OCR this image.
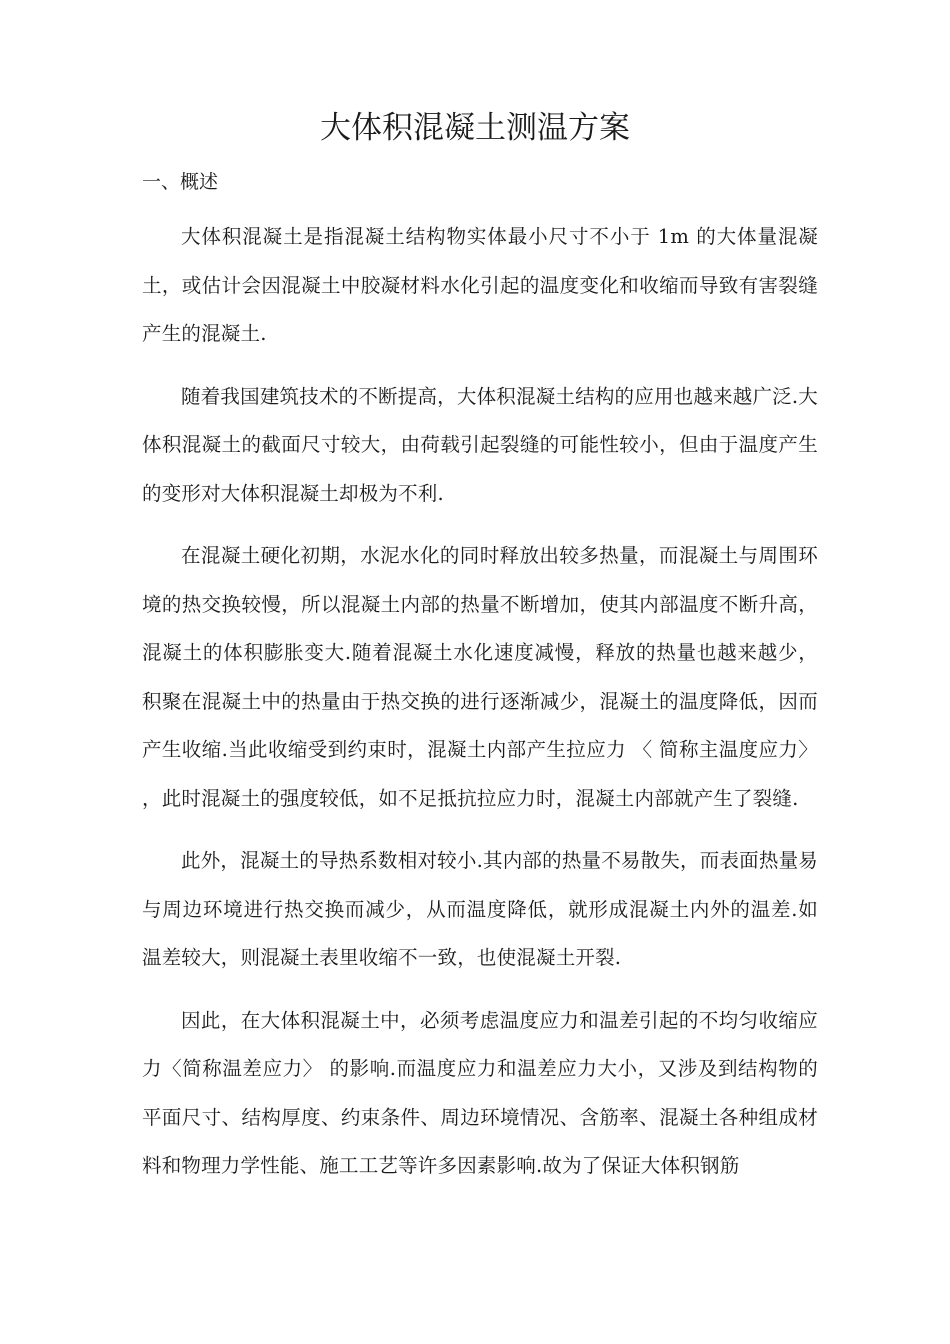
大体积混凝土测温方案
一、概述

大体积混凝土是指混凝土结构物实体最小尺寸不小于 1m 的大体量混凝土，或估计会因混凝土中胶凝材料水化引起的温度变化和收缩而导致有害裂缝产生的混凝土.

随着我国建筑技术的不断提高，大体积混凝土结构的应用也越来越广泛.大体积混凝土的截面尺寸较大，由荷载引起裂缝的可能性较小，但由于温度产生的变形对大体积混凝土却极为不利.

在混凝土硬化初期，水泥水化的同时释放出较多热量，而混凝土与周围环境的热交换较慢，所以混凝土内部的热量不断增加，使其内部温度不断升高，混凝土的体积膨胀变大.随着混凝土水化速度减慢，释放的热量也越来越少，积聚在混凝土中的热量由于热交换的进行逐渐减少，混凝土的温度降低，因而产生收缩.当此收缩受到约束时，混凝土内部产生拉应力 〈 简称主温度应力〉 ，此时混凝土的强度较低，如不足抵抗拉应力时，混凝土内部就产生了裂缝.

此外，混凝土的导热系数相对较小.其内部的热量不易散失，而表面热量易与周边环境进行热交换而减少，从而温度降低，就形成混凝土内外的温差.如温差较大，则混凝土表里收缩不一致，也使混凝土开裂.

因此，在大体积混凝土中，必须考虑温度应力和温差引起的不均匀收缩应力〈简称温差应力〉 的影响.而温度应力和温差应力大小，又涉及到结构物的平面尺寸、结构厚度、约束条件、周边环境情况、含筋率、混凝土各种组成材料和物理力学性能、施工工艺等许多因素影响.故为了保证大体积钢筋
